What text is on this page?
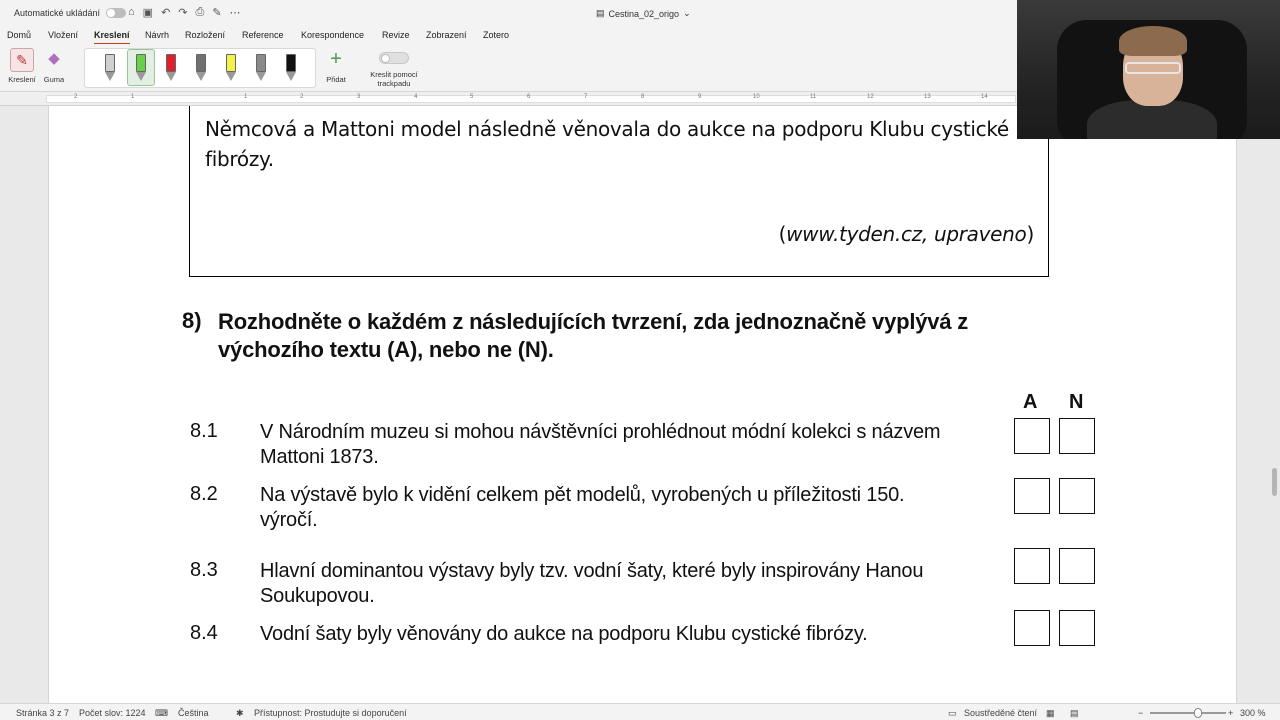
Automatické ukládání	⌂ ▣ ↶ ↷ ⎙ ✎ ⋯	▤ Cestina_02_origo ⌄
Domů Vložení Kreslení Návrh Rozložení Reference Korespondence Revize Zobrazení Zotero
✎
Kreslení
◆
Guma
+
Přidat
Kreslit pomocí trackpadu
2	1	1	2	3	4	5	6	7	8	9	10	11	12	13	14
Němcová a Mattoni model následně věnovala do aukce na podporu Klubu cystické fibrózy.
(www.tyden.cz, upraveno)
8) Rozhodněte o každém z následujících tvrzení, zda jednoznačně vyplývá z výchozího textu (A), nebo ne (N).
A N
8.1 V Národním muzeu si mohou návštěvníci prohlédnout módní kolekci s názvem Mattoni 1873.
8.2 Na výstavě bylo k vidění celkem pět modelů, vyrobených u příležitosti 150. výročí.
8.3 Hlavní dominantou výstavy byly tzv. vodní šaty, které byly inspirovány Hanou Soukupovou.
8.4 Vodní šaty byly věnovány do aukce na podporu Klubu cystické fibrózy.
Stránka 3 z 7 Počet slov: 1224 ⌨ Čeština	✱ Přístupnost: Prostudujte si doporučení	▭ Soustředěné čtení ▦ ▤	−	+ 300 %
